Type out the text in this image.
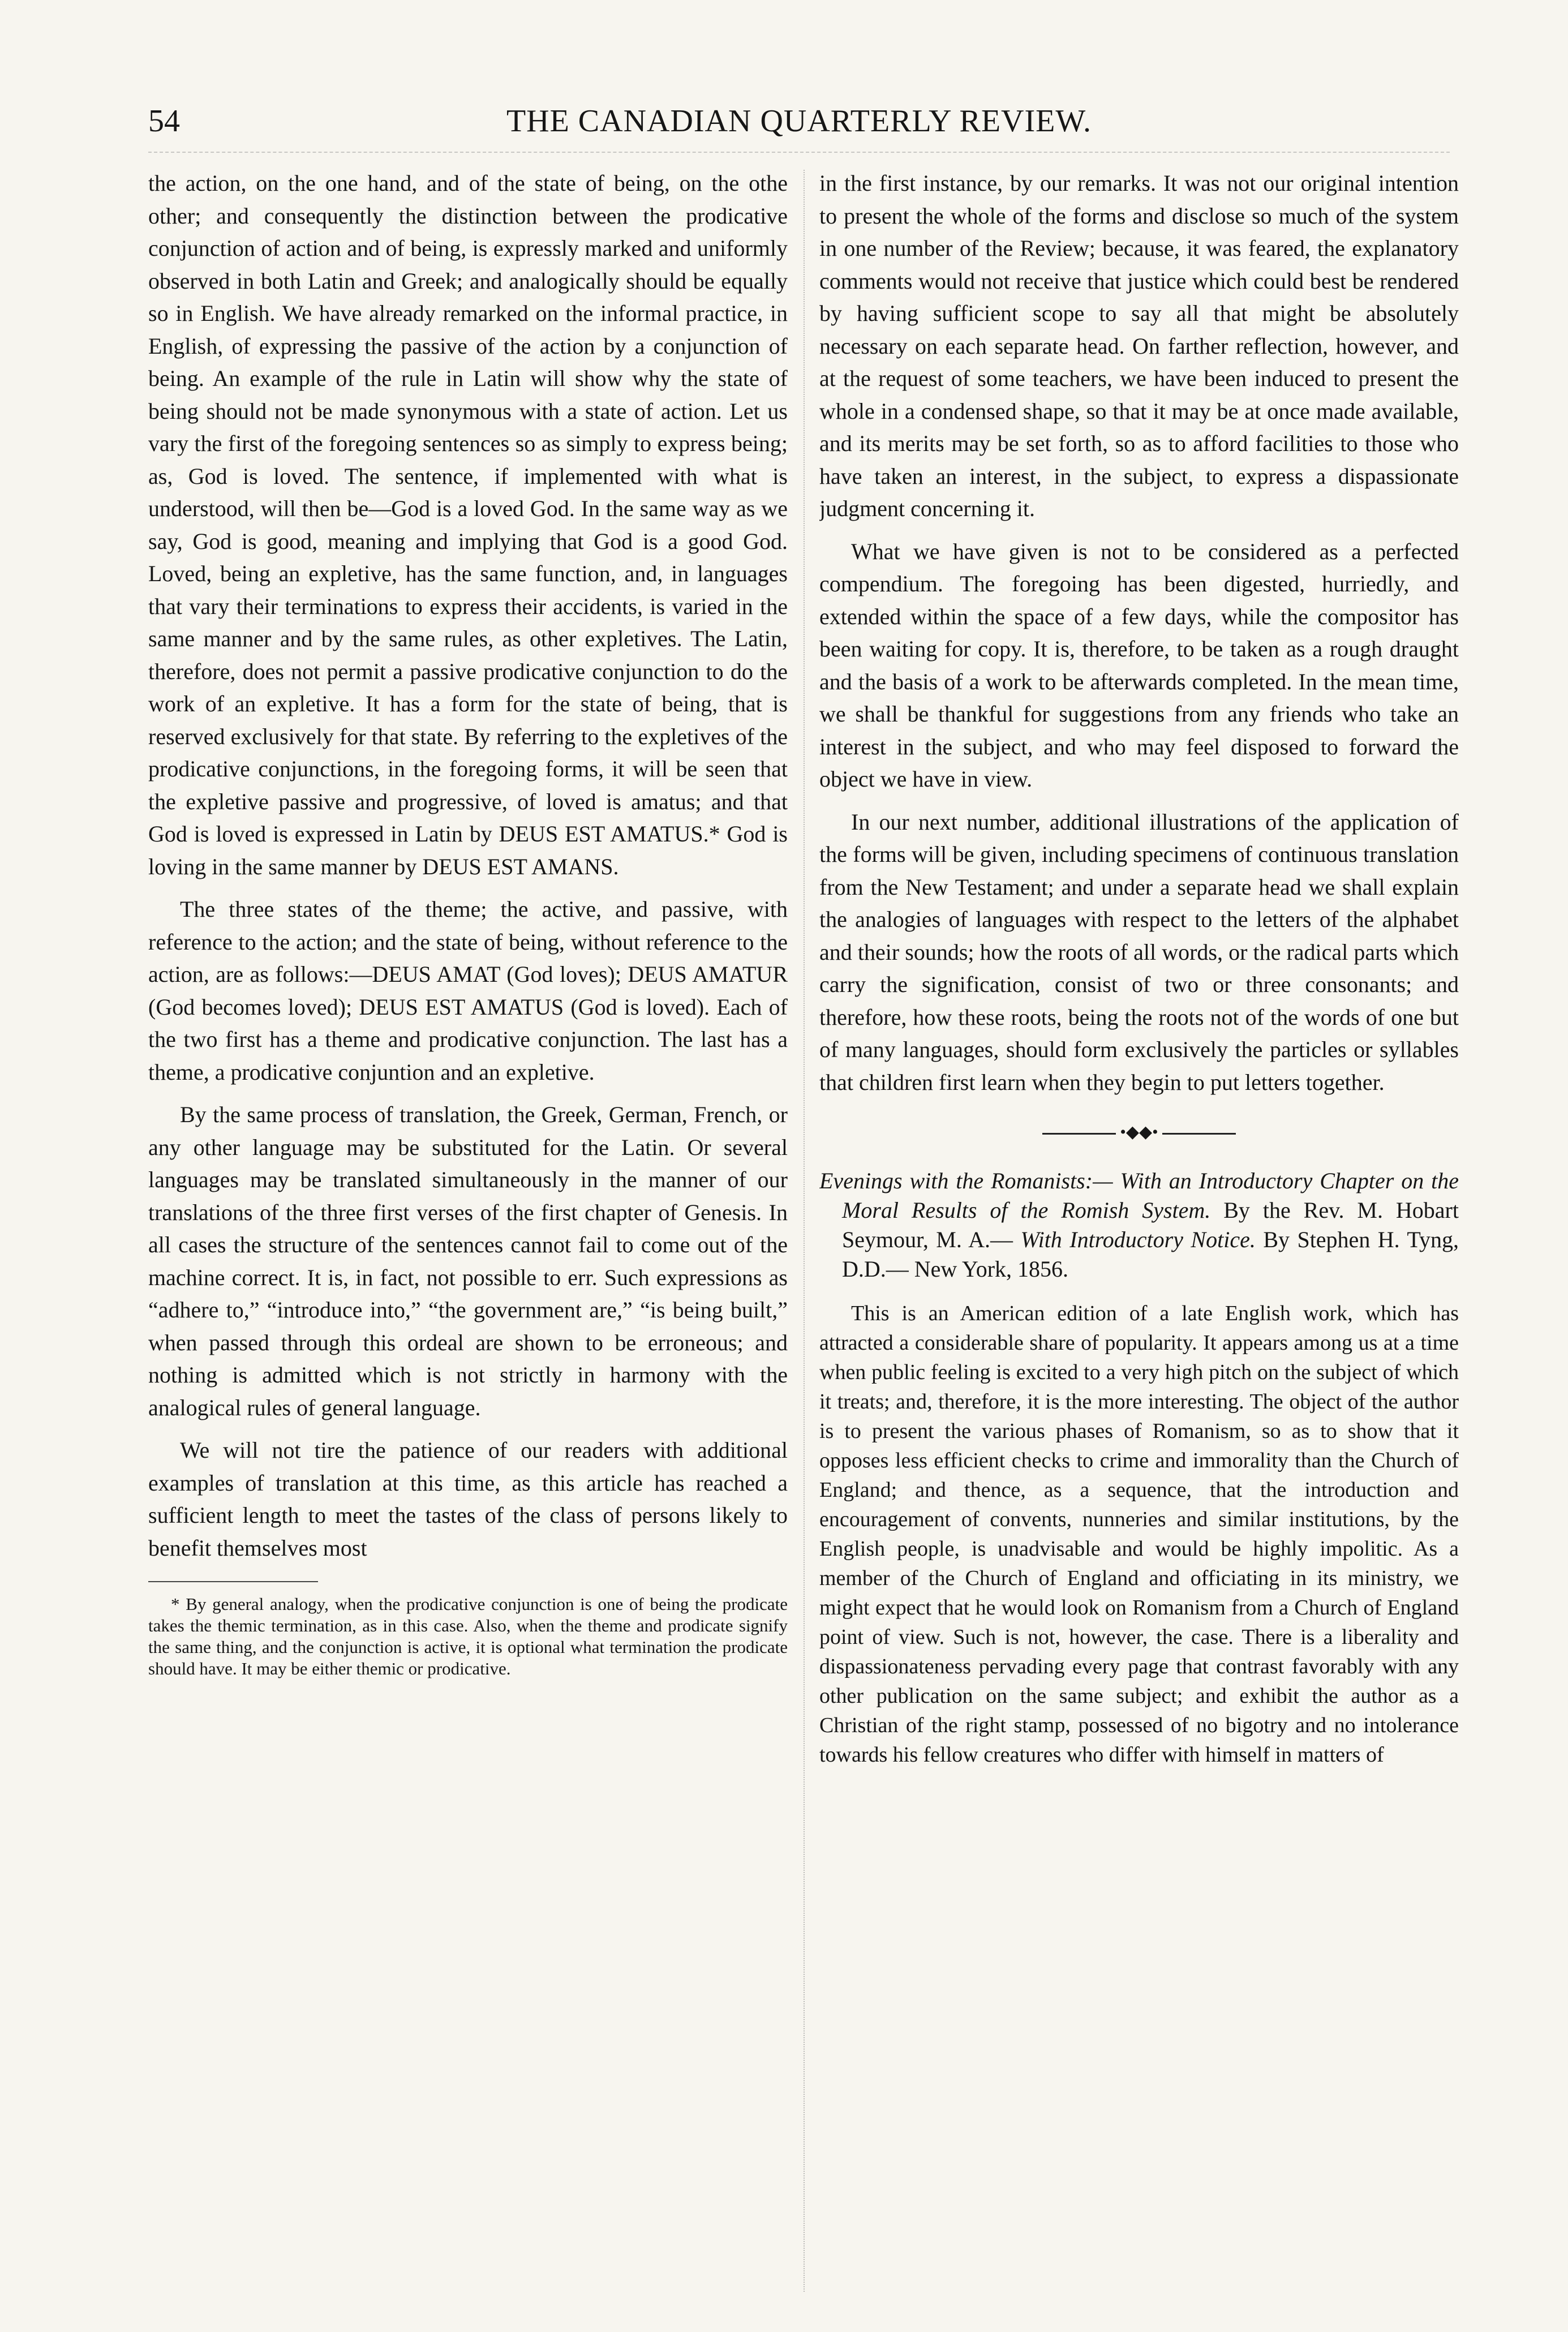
54	THE CANADIAN QUARTERLY REVIEW.

the action, on the one hand, and of the state of being, on the othe other; and consequently the distinction between the prodicative conjunction of action and of being, is expressly marked and uniformly observed in both Latin and Greek; and analogically should be equally so in English. We have already remarked on the informal practice, in English, of expressing the passive of the action by a conjunction of being. An example of the rule in Latin will show why the state of being should not be made synonymous with a state of action. Let us vary the first of the foregoing sentences so as simply to express being; as, God is loved. The sentence, if implemented with what is understood, will then be—God is a loved God. In the same way as we say, God is good, meaning and implying that God is a good God. Loved, being an expletive, has the same function, and, in languages that vary their terminations to express their accidents, is varied in the same manner and by the same rules, as other expletives. The Latin, therefore, does not permit a passive prodicative conjunction to do the work of an expletive. It has a form for the state of being, that is reserved exclusively for that state. By referring to the expletives of the prodicative conjunctions, in the foregoing forms, it will be seen that the expletive passive and progressive, of loved is amatus; and that God is loved is expressed in Latin by DEUS EST AMATUS.* God is loving in the same manner by DEUS EST AMANS.

The three states of the theme; the active, and passive, with reference to the action; and the state of being, without reference to the action, are as follows:—DEUS AMAT (God loves); DEUS AMATUR (God becomes loved); DEUS EST AMATUS (God is loved). Each of the two first has a theme and prodicative conjunction. The last has a theme, a prodicative conjuntion and an expletive.

By the same process of translation, the Greek, German, French, or any other language may be substituted for the Latin. Or several languages may be translated simultaneously in the manner of our translations of the three first verses of the first chapter of Genesis. In all cases the structure of the sentences cannot fail to come out of the machine correct. It is, in fact, not possible to err. Such expressions as “adhere to,” “introduce into,” “the government are,” “is being built,” when passed through this ordeal are shown to be erroneous; and nothing is admitted which is not strictly in harmony with the analogical rules of general language.

We will not tire the patience of our readers with additional examples of translation at this time, as this article has reached a sufficient length to meet the tastes of the class of persons likely to benefit themselves most

* By general analogy, when the prodicative conjunction is one of being the prodicate takes the themic termination, as in this case. Also, when the theme and prodicate signify the same thing, and the conjunction is active, it is optional what termination the prodicate should have. It may be either themic or prodicative.

in the first instance, by our remarks. It was not our original intention to present the whole of the forms and disclose so much of the system in one number of the Review; because, it was feared, the explanatory comments would not receive that justice which could best be rendered by having sufficient scope to say all that might be absolutely necessary on each separate head. On farther reflection, however, and at the request of some teachers, we have been induced to present the whole in a condensed shape, so that it may be at once made available, and its merits may be set forth, so as to afford facilities to those who have taken an interest, in the subject, to express a dispassionate judgment concerning it.

What we have given is not to be considered as a perfected compendium. The foregoing has been digested, hurriedly, and extended within the space of a few days, while the compositor has been waiting for copy. It is, therefore, to be taken as a rough draught and the basis of a work to be afterwards completed. In the mean time, we shall be thankful for suggestions from any friends who take an interest in the subject, and who may feel disposed to forward the object we have in view.

In our next number, additional illustrations of the application of the forms will be given, including specimens of continuous translation from the New Testament; and under a separate head we shall explain the analogies of languages with respect to the letters of the alphabet and their sounds; how the roots of all words, or the radical parts which carry the signification, consist of two or three consonants; and therefore, how these roots, being the roots not of the words of one but of many languages, should form exclusively the particles or syllables that children first learn when they begin to put letters together.

•◆◆•

Evenings with the Romanists:— With an Introductory Chapter on the Moral Results of the Romish System. By the Rev. M. Hobart Seymour, M. A.— With Introductory Notice. By Stephen H. Tyng, D.D.— New York, 1856.

This is an American edition of a late English work, which has attracted a considerable share of popularity. It appears among us at a time when public feeling is excited to a very high pitch on the subject of which it treats; and, therefore, it is the more interesting. The object of the author is to present the various phases of Romanism, so as to show that it opposes less efficient checks to crime and immorality than the Church of England; and thence, as a sequence, that the introduction and encouragement of convents, nunneries and similar institutions, by the English people, is unadvisable and would be highly impolitic. As a member of the Church of England and officiating in its ministry, we might expect that he would look on Romanism from a Church of England point of view. Such is not, however, the case. There is a liberality and dispassionateness pervading every page that contrast favorably with any other publication on the same subject; and exhibit the author as a Christian of the right stamp, possessed of no bigotry and no intolerance towards his fellow creatures who differ with himself in matters of
